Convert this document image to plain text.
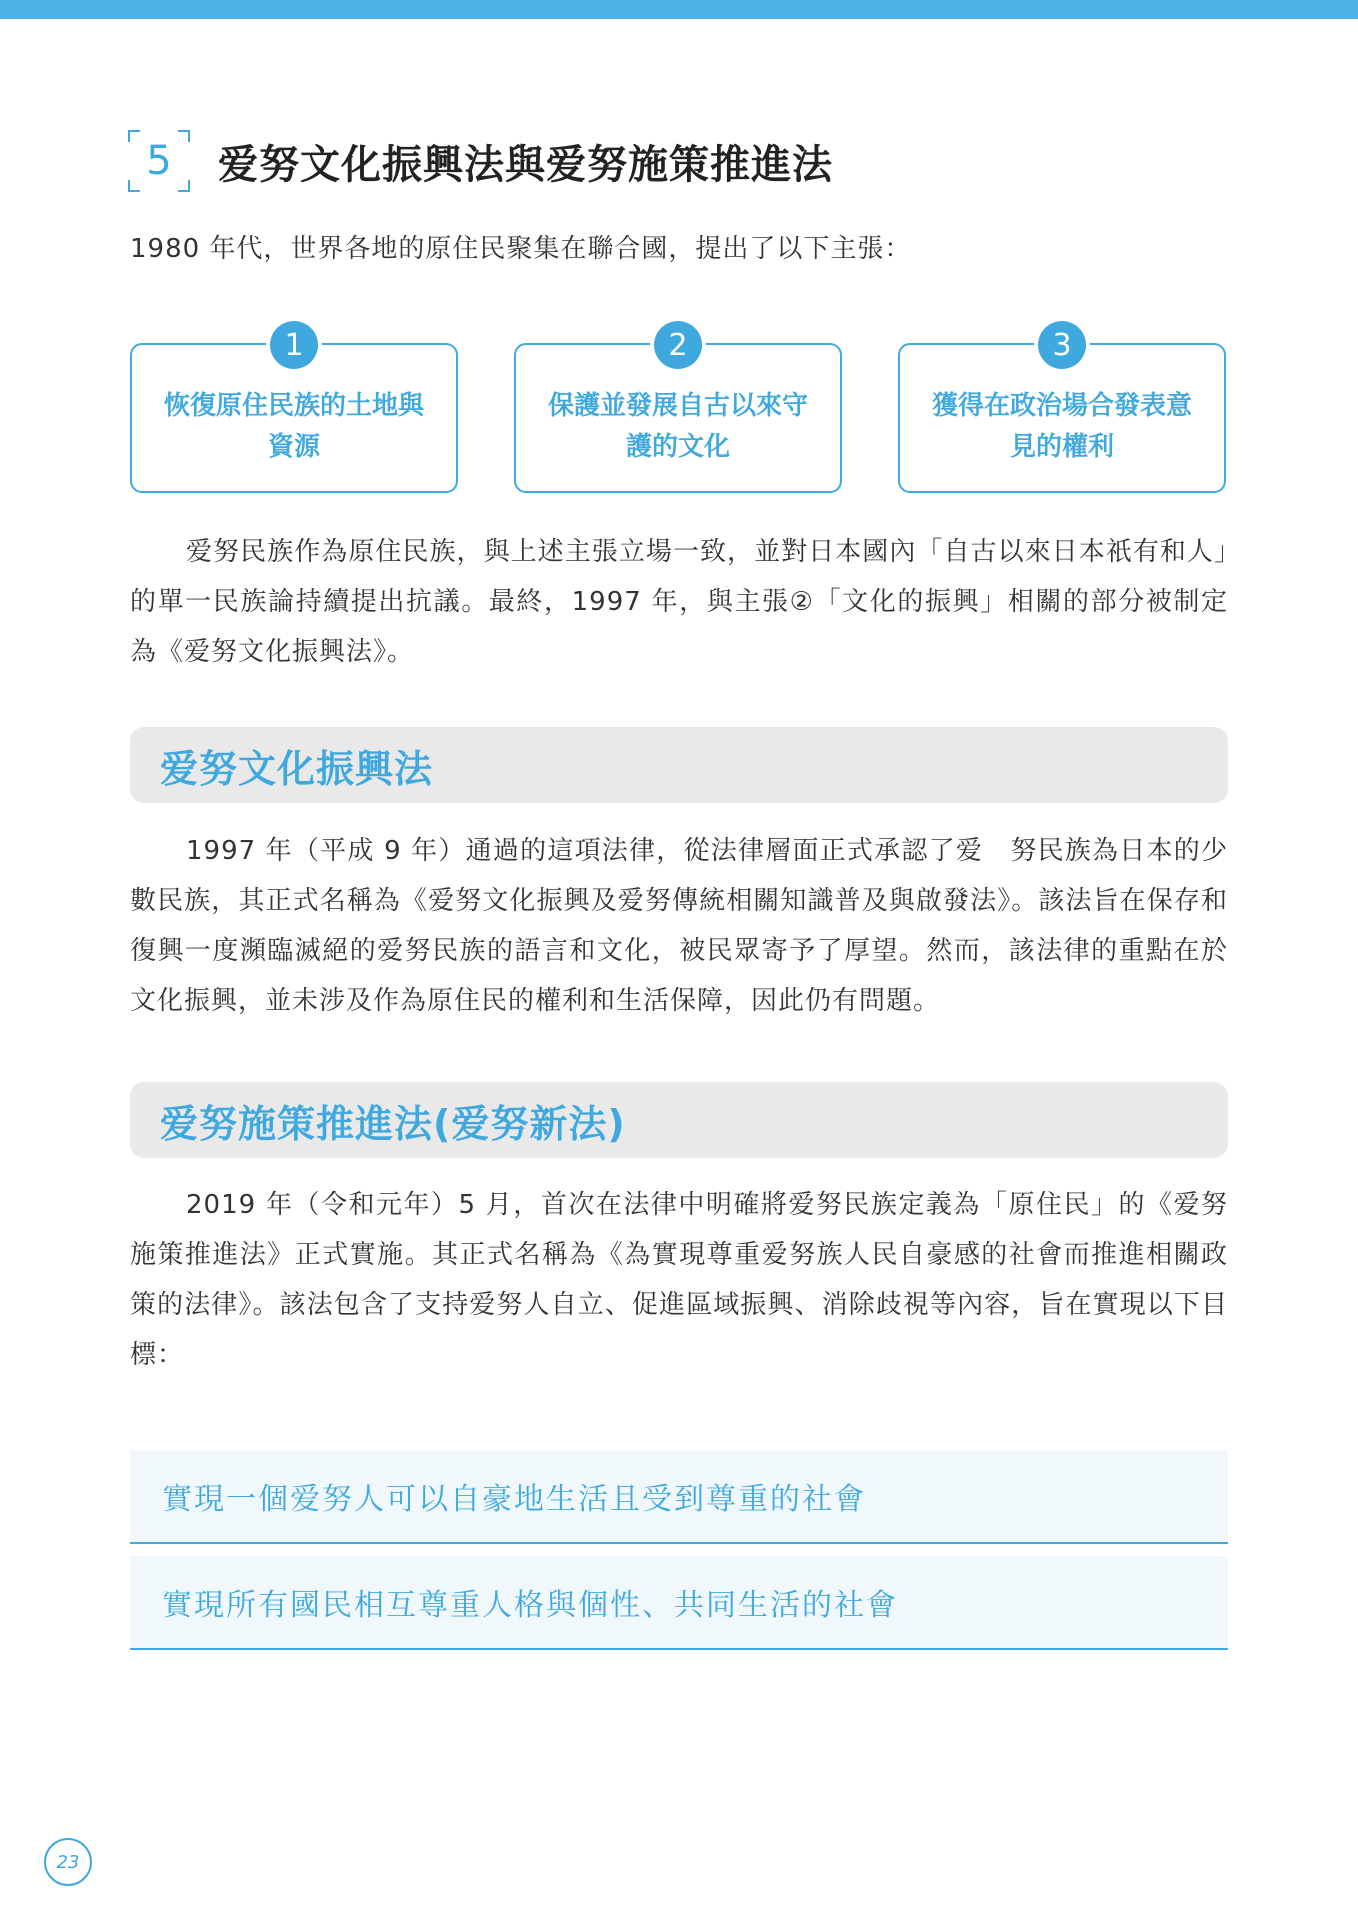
5 爱努文化振興法與爱努施策推進法
1980 年代，世界各地的原住民聚集在聯合國，提出了以下主張：
1
恢復原住民族的土地與資源
2
保護並發展自古以來守護的文化
3
獲得在政治場合發表意見的權利

爱努民族作為原住民族，與上述主張立場一致，並對日本國內「自古以來日本祇有和人」的單一民族論持續提出抗議。最終，1997 年，與主張②「文化的振興」相關的部分被制定為《爱努文化振興法》。

爱努文化振興法

1997 年（平成 9 年）通過的這項法律，從法律層面正式承認了爱　努民族為日本的少數民族，其正式名稱為《爱努文化振興及爱努傳統相關知識普及與啟發法》。該法旨在保存和復興一度瀕臨滅絕的爱努民族的語言和文化，被民眾寄予了厚望。然而，該法律的重點在於文化振興，並未涉及作為原住民的權利和生活保障，因此仍有問題。

爱努施策推進法(爱努新法)

2019 年（令和元年）5 月，首次在法律中明確將爱努民族定義為「原住民」的《爱努施策推進法》正式實施。其正式名稱為《為實現尊重爱努族人民自豪感的社會而推進相關政策的法律》。該法包含了支持爱努人自立、促進區域振興、消除歧視等內容，旨在實現以下目標：

實現一個爱努人可以自豪地生活且受到尊重的社會
實現所有國民相互尊重人格與個性、共同生活的社會
23
